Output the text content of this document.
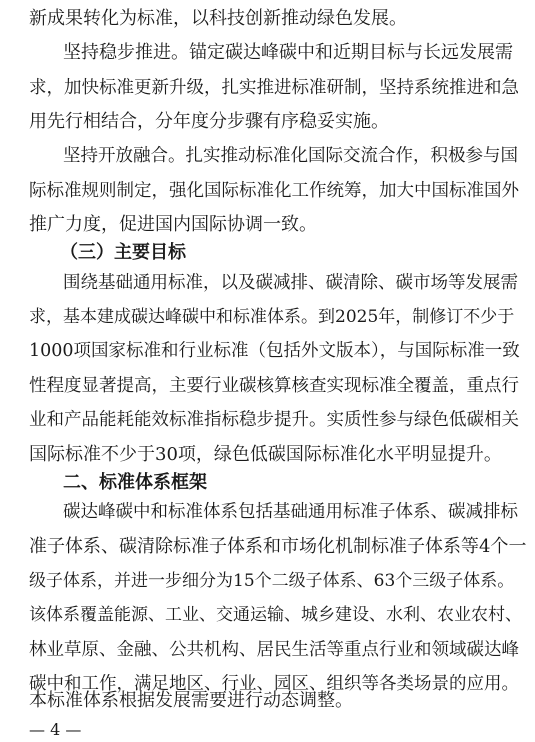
新成果转化为标准，以科技创新推动绿色发展。
坚持稳步推进。锚定碳达峰碳中和近期目标与长远发展需
求，加快标准更新升级，扎实推进标准研制，坚持系统推进和急
用先行相结合，分年度分步骤有序稳妥实施。
坚持开放融合。扎实推动标准化国际交流合作，积极参与国
际标准规则制定，强化国际标准化工作统筹，加大中国标准国外
推广力度，促进国内国际协调一致。
（三）主要目标
围绕基础通用标准，以及碳减排、碳清除、碳市场等发展需
求，基本建成碳达峰碳中和标准体系。到2025年，制修订不少于
1000项国家标准和行业标准（包括外文版本），与国际标准一致
性程度显著提高，主要行业碳核算核查实现标准全覆盖，重点行
业和产品能耗能效标准指标稳步提升。实质性参与绿色低碳相关
国际标准不少于30项，绿色低碳国际标准化水平明显提升。
二、标准体系框架
碳达峰碳中和标准体系包括基础通用标准子体系、碳减排标
准子体系、碳清除标准子体系和市场化机制标准子体系等4个一
级子体系，并进一步细分为15个二级子体系、63个三级子体系。
该体系覆盖能源、工业、交通运输、城乡建设、水利、农业农村、
林业草原、金融、公共机构、居民生活等重点行业和领域碳达峰
碳中和工作，满足地区、行业、园区、组织等各类场景的应用。
本标准体系根据发展需要进行动态调整。
— 4 —
